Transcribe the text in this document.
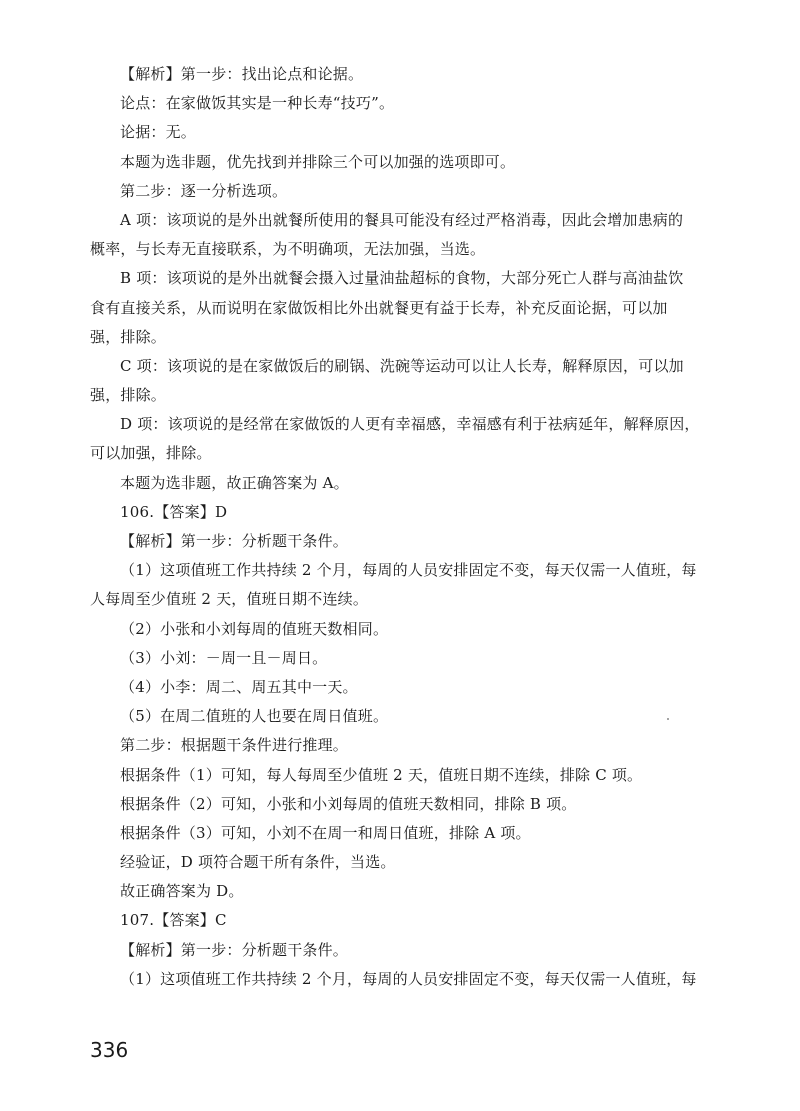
【解析】第一步：找出论点和论据。
论点：在家做饭其实是一种长寿“技巧”。
论据：无。
本题为选非题，优先找到并排除三个可以加强的选项即可。
第二步：逐一分析选项。
A 项：该项说的是外出就餐所使用的餐具可能没有经过严格消毒，因此会增加患病的
概率，与长寿无直接联系，为不明确项，无法加强，当选。
B 项：该项说的是外出就餐会摄入过量油盐超标的食物，大部分死亡人群与高油盐饮
食有直接关系，从而说明在家做饭相比外出就餐更有益于长寿，补充反面论据，可以加
强，排除。
C 项：该项说的是在家做饭后的刷锅、洗碗等运动可以让人长寿，解释原因，可以加
强，排除。
D 项：该项说的是经常在家做饭的人更有幸福感，幸福感有利于祛病延年，解释原因，
可以加强，排除。
本题为选非题，故正确答案为 A。
106.【答案】D
【解析】第一步：分析题干条件。
（1）这项值班工作共持续 2 个月，每周的人员安排固定不变，每天仅需一人值班，每
人每周至少值班 2 天，值班日期不连续。
（2）小张和小刘每周的值班天数相同。
（3）小刘：－周一且－周日。
（4）小李：周二、周五其中一天。
（5）在周二值班的人也要在周日值班。
第二步：根据题干条件进行推理。
根据条件（1）可知，每人每周至少值班 2 天，值班日期不连续，排除 C 项。
根据条件（2）可知，小张和小刘每周的值班天数相同，排除 B 项。
根据条件（3）可知，小刘不在周一和周日值班，排除 A 项。
经验证，D 项符合题干所有条件，当选。
故正确答案为 D。
107.【答案】C
【解析】第一步：分析题干条件。
（1）这项值班工作共持续 2 个月，每周的人员安排固定不变，每天仅需一人值班，每
336
